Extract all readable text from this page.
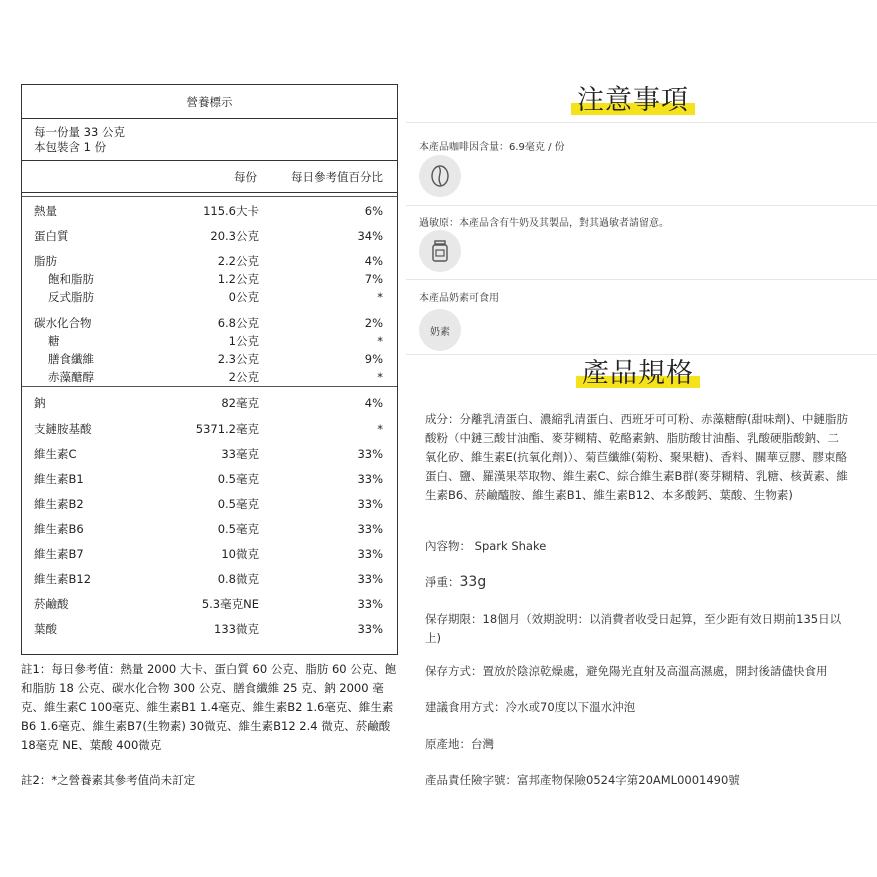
營養標示
每一份量 33 公克
本包裝含 1 份
每份	每日參考值百分比
熱量	115.6大卡	6%
蛋白質	20.3公克	34%
脂肪	2.2公克	4%
飽和脂肪	1.2公克	7%
反式脂肪	0公克	*
碳水化合物	6.8公克	2%
糖	1公克	*
膳食纖維	2.3公克	9%
赤藻醣醇	2公克	*
鈉	82毫克	4%
支鏈胺基酸	5371.2毫克	*
維生素C	33毫克	33%
維生素B1	0.5毫克	33%
維生素B2	0.5毫克	33%
維生素B6	0.5毫克	33%
維生素B7	10微克	33%
維生素B12	0.8微克	33%
菸鹼酸	5.3毫克NE	33%
葉酸	133微克	33%
註1：每日參考值：熱量 2000 大卡、蛋白質 60 公克、脂肪 60 公克、飽和脂肪 18 公克、碳水化合物 300 公克、膳食纖維 25 克、鈉 2000 毫克、維生素C 100毫克、維生素B1 1.4毫克、維生素B2 1.6毫克、維生素B6 1.6毫克、維生素B7(生物素) 30微克、維生素B12 2.4 微克、菸鹼酸 18毫克 NE、葉酸 400微克
註2：*之營養素其參考值尚未訂定
注意事項
本產品咖啡因含量：6.9毫克 / 份
過敏原：本產品含有牛奶及其製品，對其過敏者請留意。
本產品奶素可食用
奶素
產品規格
成分：分離乳清蛋白、濃縮乳清蛋白、西班牙可可粉、赤藻糖醇(甜味劑)、中鏈脂肪酸粉（中鏈三酸甘油酯、麥芽糊精、乾酪素鈉、脂肪酸甘油酯、乳酸硬脂酸鈉、二氧化矽、維生素E(抗氧化劑)）、菊苣纖維(菊粉、聚果糖)、香料、關華豆膠、膠束酪蛋白、鹽、羅漢果萃取物、維生素C、綜合維生素B群(麥芽糊精、乳糖、核黃素、維生素B6、菸鹼醯胺、維生素B1、維生素B12、本多酸鈣、葉酸、生物素)
內容物： Spark Shake
淨重：33g
保存期限：18個月（效期說明：以消費者收受日起算，至少距有效日期前135日以上)
保存方式：置放於陰涼乾燥處，避免陽光直射及高溫高濕處，開封後請儘快食用
建議食用方式：冷水或70度以下溫水沖泡
原產地：台灣
產品責任險字號：富邦產物保險0524字第20AML0001490號
